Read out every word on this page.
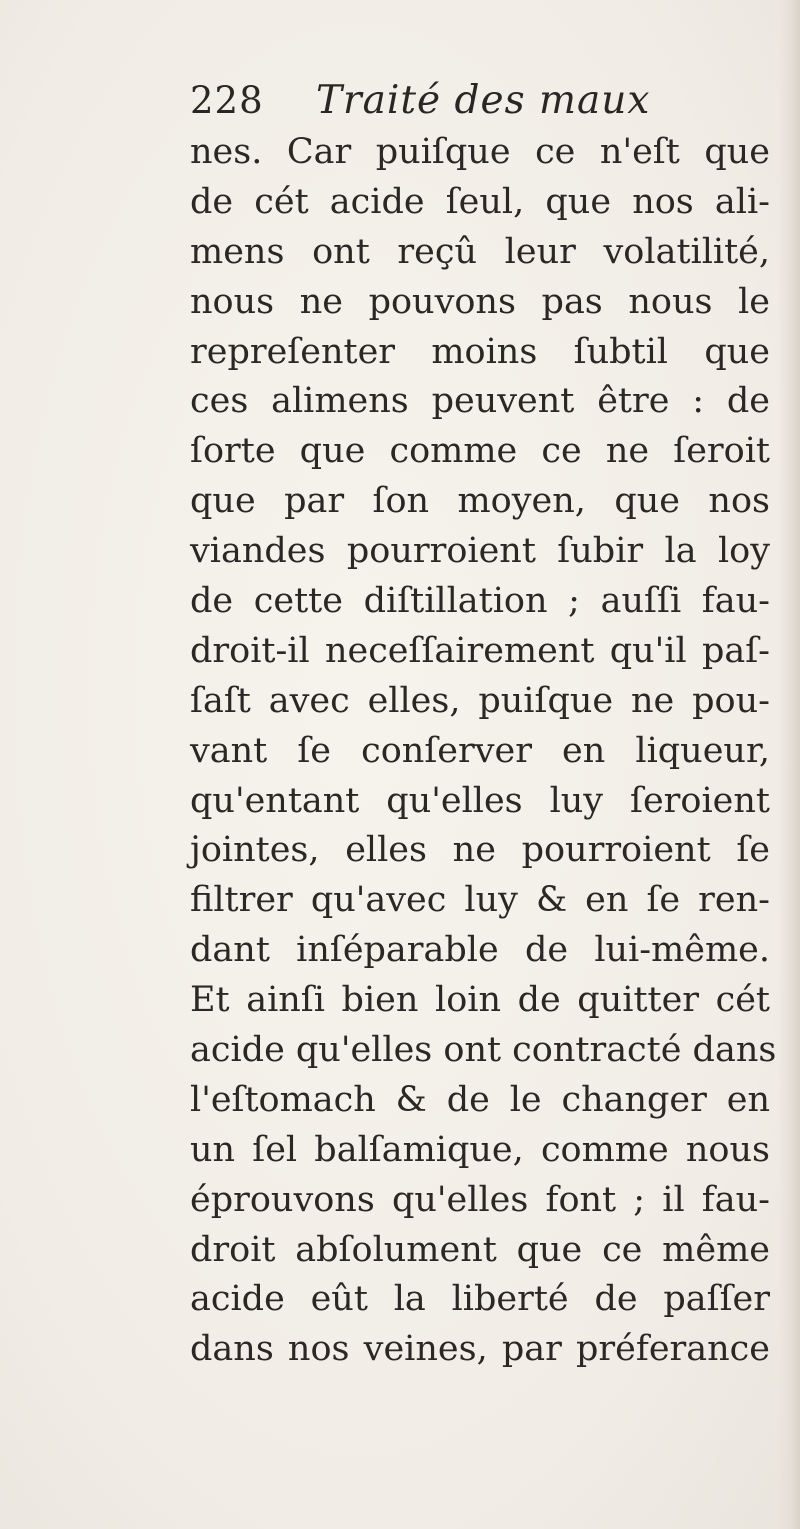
228 Traité des maux
nes. Car puiſque ce n'eſt que
de cét acide ſeul, que nos ali-
mens ont reçû leur volatilité,
nous ne pouvons pas nous le
repreſenter moins ſubtil que
ces alimens peuvent être : de
ſorte que comme ce ne ſeroit
que par ſon moyen, que nos
viandes pourroient ſubir la loy
de cette diſtillation ; auſſi fau-
droit-il neceſſairement qu'il paſ-
ſaſt avec elles, puiſque ne pou-
vant ſe conſerver en liqueur,
qu'entant qu'elles luy ſeroient
jointes, elles ne pourroient ſe
filtrer qu'avec luy & en ſe ren-
dant inſéparable de lui-même.
Et ainſi bien loin de quitter cét
acide qu'elles ont contracté dans
l'eſtomach & de le changer en
un ſel balſamique, comme nous
éprouvons qu'elles font ; il fau-
droit abſolument que ce même
acide eût la liberté de paſſer
dans nos veines, par préferance
